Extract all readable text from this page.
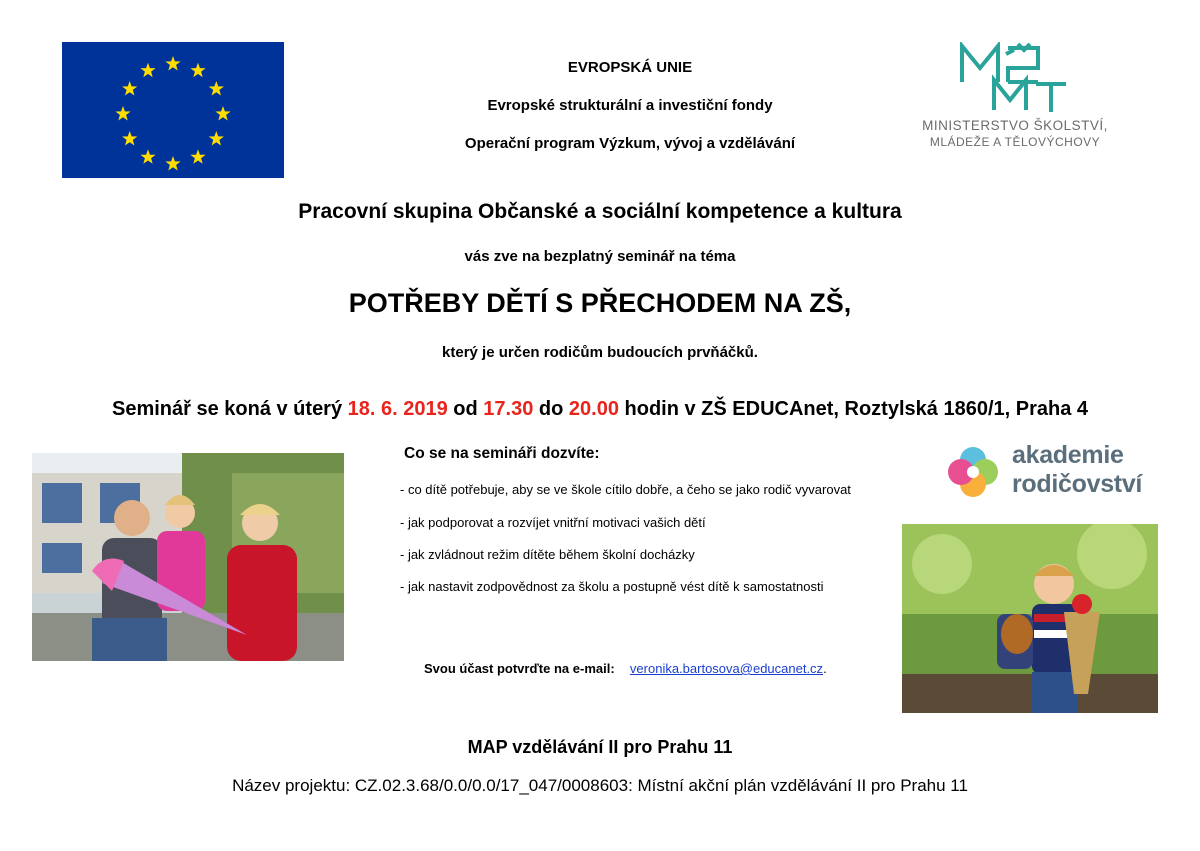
EVROPSKÁ UNIE
Evropské strukturální a investiční fondy
Operační program Výzkum, vývoj a vzdělávání
MINISTERSTVO ŠKOLSTVÍ,
MLÁDEŽE A TĚLOVÝCHOVY
Pracovní skupina Občanské a sociální kompetence a kultura
vás zve na bezplatný seminář na téma
POTŘEBY DĚTÍ S PŘECHODEM NA ZŠ,
který je určen rodičům budoucích prvňáčků.
Seminář se koná v úterý 18. 6. 2019 od 17.30 do 20.00 hodin v ZŠ EDUCAnet, Roztylská 1860/1, Praha 4
Co se na semináři dozvíte:
- co dítě potřebuje, aby se ve škole cítilo dobře, a čeho se jako rodič vyvarovat
- jak podporovat a rozvíjet vnitřní motivaci vašich dětí
- jak zvládnout režim dítěte během školní docházky
- jak nastavit zodpovědnost za školu a postupně vést dítě k samostatnosti
akademie
rodičovství
Svou účast potvrďte na e-mail: veronika.bartosova@educanet.cz.
MAP vzdělávání II pro Prahu 11
Název projektu: CZ.02.3.68/0.0/0.0/17_047/0008603: Místní akční plán vzdělávání II pro Prahu 11
